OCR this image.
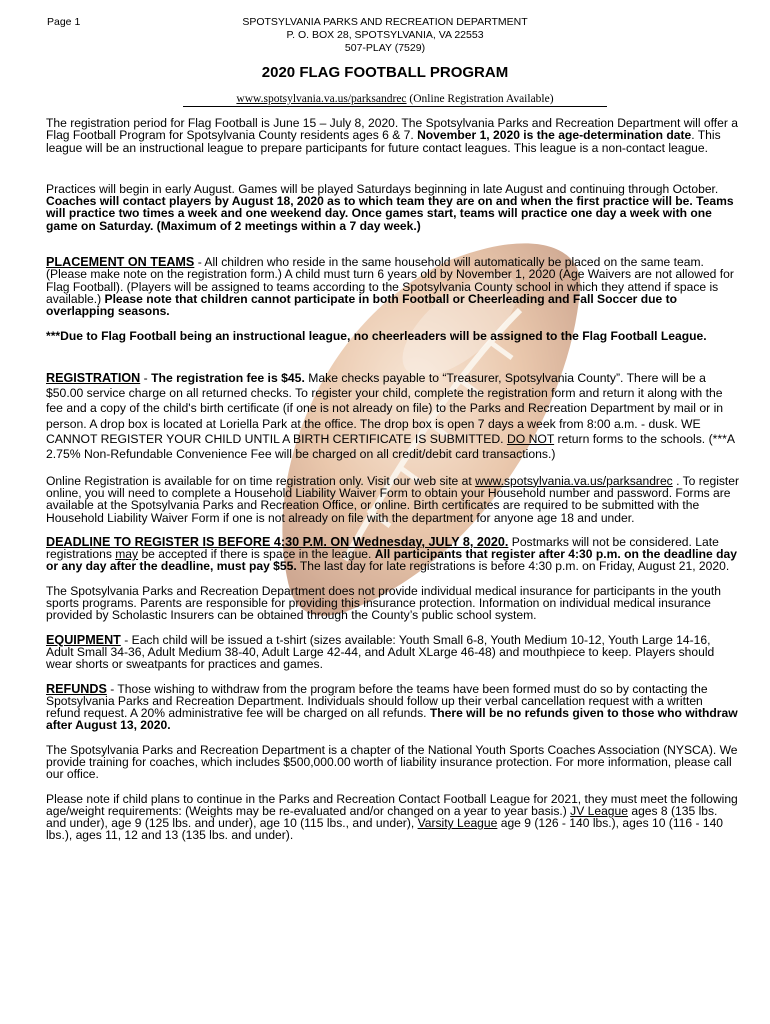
Page 1	SPOTSYLVANIA PARKS AND RECREATION DEPARTMENT
P. O. BOX 28, SPOTSYLVANIA, VA 22553
507-PLAY (7529)
2020 FLAG FOOTBALL PROGRAM
www.spotsylvania.va.us/parksandrec (Online Registration Available)

The registration period for Flag Football is June 15 – July 8, 2020. The Spotsylvania Parks and Recreation Department will offer a Flag Football Program for Spotsylvania County residents ages 6 & 7. November 1, 2020 is the age-determination date. This league will be an instructional league to prepare participants for future contact leagues. This league is a non-contact league.

Practices will begin in early August. Games will be played Saturdays beginning in late August and continuing through October. Coaches will contact players by August 18, 2020 as to which team they are on and when the first practice will be. Teams will practice two times a week and one weekend day. Once games start, teams will practice one day a week with one game on Saturday. (Maximum of 2 meetings within a 7 day week.)

PLACEMENT ON TEAMS - All children who reside in the same household will automatically be placed on the same team. (Please make note on the registration form.) A child must turn 6 years old by November 1, 2020 (Age Waivers are not allowed for Flag Football). (Players will be assigned to teams according to the Spotsylvania County school in which they attend if space is available.) Please note that children cannot participate in both Football or Cheerleading and Fall Soccer due to overlapping seasons.

***Due to Flag Football being an instructional league, no cheerleaders will be assigned to the Flag Football League.

REGISTRATION - The registration fee is $45. Make checks payable to “Treasurer, Spotsylvania County”. There will be a $50.00 service charge on all returned checks. To register your child, complete the registration form and return it along with the fee and a copy of the child's birth certificate (if one is not already on file) to the Parks and Recreation Department by mail or in person. A drop box is located at Loriella Park at the office. The drop box is open 7 days a week from 8:00 a.m. - dusk. WE CANNOT REGISTER YOUR CHILD UNTIL A BIRTH CERTIFICATE IS SUBMITTED. DO NOT return forms to the schools. (***A 2.75% Non-Refundable Convenience Fee will be charged on all credit/debit card transactions.)

Online Registration is available for on time registration only. Visit our web site at www.spotsylvania.va.us/parksandrec . To register online, you will need to complete a Household Liability Waiver Form to obtain your Household number and password. Forms are available at the Spotsylvania Parks and Recreation Office, or online. Birth certificates are required to be submitted with the Household Liability Waiver Form if one is not already on file with the department for anyone age 18 and under.

DEADLINE TO REGISTER IS BEFORE 4:30 P.M. ON Wednesday, JULY 8, 2020. Postmarks will not be considered. Late registrations may be accepted if there is space in the league. All participants that register after 4:30 p.m. on the deadline day or any day after the deadline, must pay $55. The last day for late registrations is before 4:30 p.m. on Friday, August 21, 2020.

The Spotsylvania Parks and Recreation Department does not provide individual medical insurance for participants in the youth sports programs. Parents are responsible for providing this insurance protection. Information on individual medical insurance provided by Scholastic Insurers can be obtained through the County’s public school system.

EQUIPMENT - Each child will be issued a t-shirt (sizes available: Youth Small 6-8, Youth Medium 10-12, Youth Large 14-16, Adult Small 34-36, Adult Medium 38-40, Adult Large 42-44, and Adult XLarge 46-48) and mouthpiece to keep. Players should wear shorts or sweatpants for practices and games.

REFUNDS - Those wishing to withdraw from the program before the teams have been formed must do so by contacting the Spotsylvania Parks and Recreation Department. Individuals should follow up their verbal cancellation request with a written refund request. A 20% administrative fee will be charged on all refunds. There will be no refunds given to those who withdraw after August 13, 2020.

The Spotsylvania Parks and Recreation Department is a chapter of the National Youth Sports Coaches Association (NYSCA). We provide training for coaches, which includes $500,000.00 worth of liability insurance protection. For more information, please call our office.

Please note if child plans to continue in the Parks and Recreation Contact Football League for 2021, they must meet the following age/weight requirements: (Weights may be re-evaluated and/or changed on a year to year basis.) JV League ages 8 (135 lbs. and under), age 9 (125 lbs. and under), age 10 (115 lbs., and under), Varsity League age 9 (126 - 140 lbs.), ages 10 (116 - 140 lbs.), ages 11, 12 and 13 (135 lbs. and under).
